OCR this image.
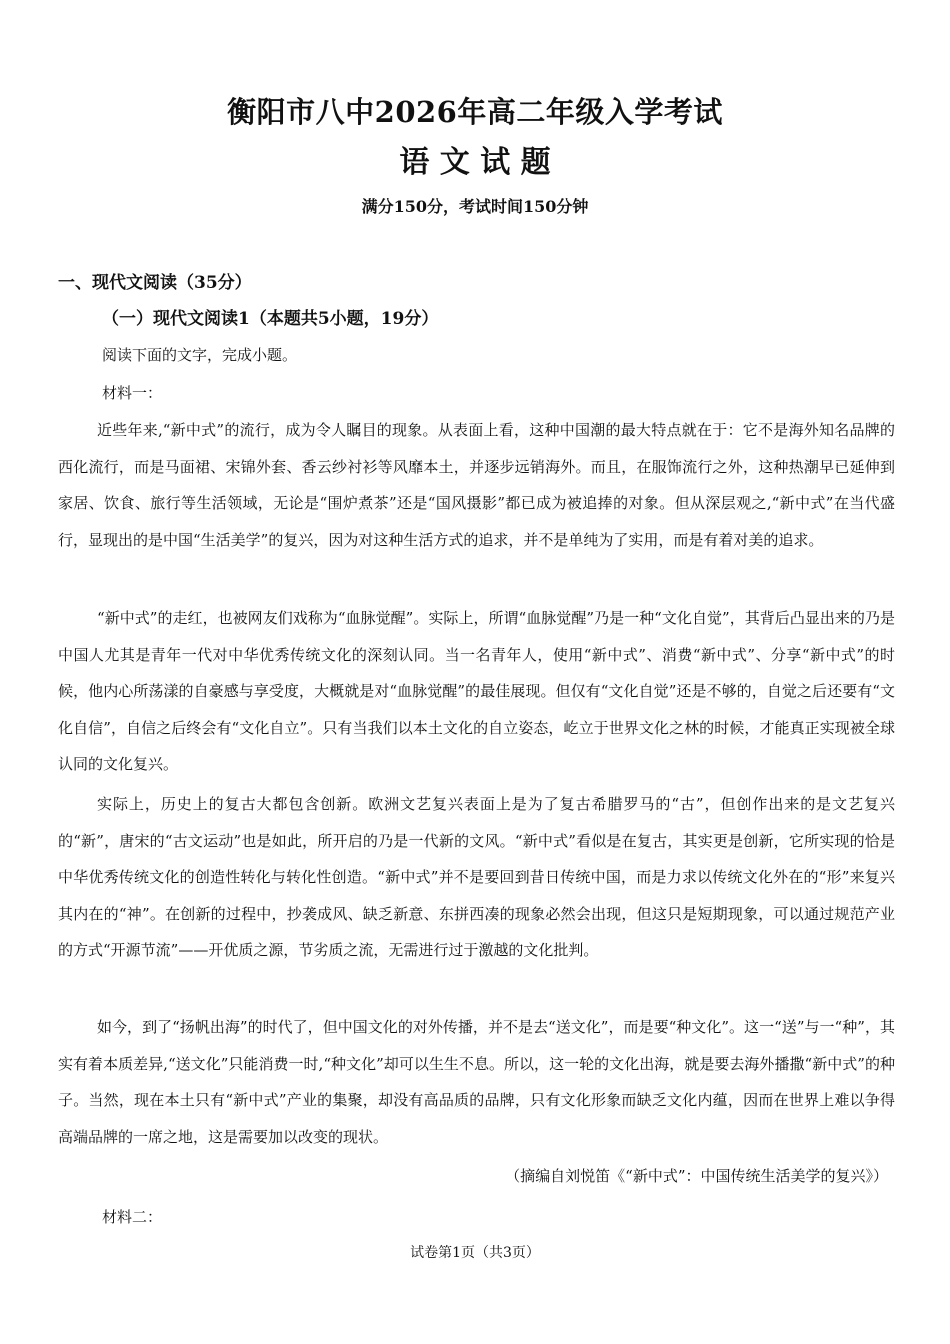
衡阳市八中2026年高二年级入学考试
语 文 试 题
满分150分，考试时间150分钟
一、现代文阅读（35分）
（一）现代文阅读1（本题共5小题，19分）
阅读下面的文字，完成小题。
材料一：

近些年来,“新中式”的流行，成为令人瞩目的现象。从表面上看，这种中国潮的最大特点就在于：它不是海外知名品牌的西化流行，而是马面裙、宋锦外套、香云纱衬衫等风靡本土，并逐步远销海外。而且，在服饰流行之外，这种热潮早已延伸到家居、饮食、旅行等生活领域，无论是“围炉煮茶”还是“国风摄影”都已成为被追捧的对象。但从深层观之,“新中式”在当代盛行，显现出的是中国“生活美学”的复兴，因为对这种生活方式的追求，并不是单纯为了实用，而是有着对美的追求。

“新中式”的走红，也被网友们戏称为“血脉觉醒”。实际上，所谓“血脉觉醒”乃是一种“文化自觉”，其背后凸显出来的乃是中国人尤其是青年一代对中华优秀传统文化的深刻认同。当一名青年人，使用“新中式”、消费“新中式”、分享“新中式”的时候，他内心所荡漾的自豪感与享受度，大概就是对“血脉觉醒”的最佳展现。但仅有“文化自觉”还是不够的，自觉之后还要有“文化自信”，自信之后终会有“文化自立”。只有当我们以本土文化的自立姿态，屹立于世界文化之林的时候，才能真正实现被全球认同的文化复兴。

实际上，历史上的复古大都包含创新。欧洲文艺复兴表面上是为了复古希腊罗马的“古”，但创作出来的是文艺复兴的“新”，唐宋的“古文运动”也是如此，所开启的乃是一代新的文风。“新中式”看似是在复古，其实更是创新，它所实现的恰是中华优秀传统文化的创造性转化与转化性创造。“新中式”并不是要回到昔日传统中国，而是力求以传统文化外在的“形”来复兴其内在的“神”。在创新的过程中，抄袭成风、缺乏新意、东拼西凑的现象必然会出现，但这只是短期现象，可以通过规范产业的方式“开源节流”——开优质之源，节劣质之流，无需进行过于激越的文化批判。

如今，到了“扬帆出海”的时代了，但中国文化的对外传播，并不是去“送文化”，而是要“种文化”。这一“送”与一“种”，其实有着本质差异,“送文化”只能消费一时,“种文化”却可以生生不息。所以，这一轮的文化出海，就是要去海外播撒“新中式”的种子。当然，现在本土只有“新中式”产业的集聚，却没有高品质的品牌，只有文化形象而缺乏文化内蕴，因而在世界上难以争得高端品牌的一席之地，这是需要加以改变的现状。

（摘编自刘悦笛《“新中式”：中国传统生活美学的复兴》）
材料二：
试卷第1页（共3页）
